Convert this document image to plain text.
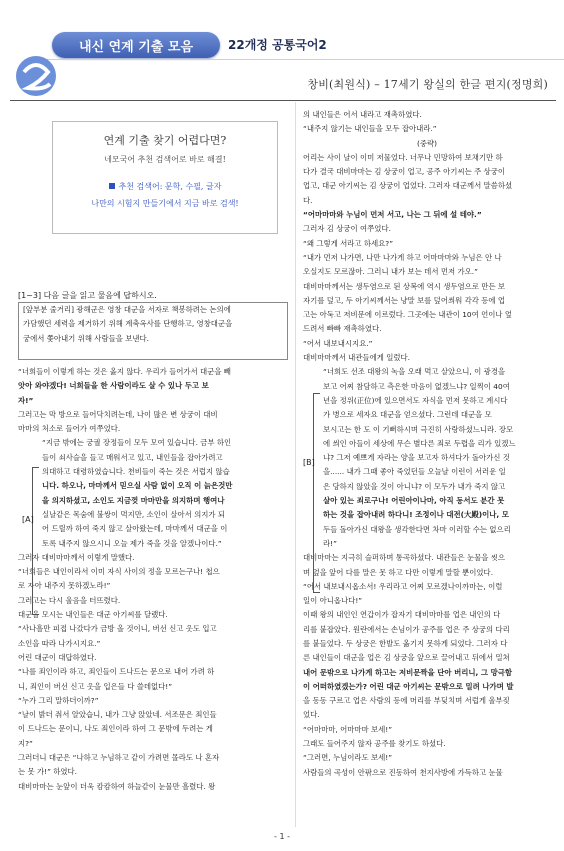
내신 연계 기출 모음	22개정 공통국어2
창비(최원식) – 17세기 왕실의 한글 편지(정명희)
연계 기출 찾기 어렵다면?
네모국어 추천 검색어로 바로 해결!
추천 검색어: 문학, 수필, 글자
나만의 시험지 만들기에서 지금 바로 검색!
[1~3] 다음 글을 읽고 물음에 답하시오.
[앞부분 줄거리] 광해군은 영창 대군을 서자로 책봉하려는 논의에
가담했던 세력을 제거하기 위해 계축옥사를 단행하고, 영창대군을
궁에서 쫓아내기 위해 사람들을 보낸다.
“너희들이 이렇게 하는 것은 옳지 않다. 우리가 들어가서 대군을 빼
앗아 와야겠다! 너희들을 한 사람이라도 살 수 있나 두고 보
자!”
그러고는 막 방으로 들어닥치려는데, 나이 많은 변 상궁이 대비
마마의 처소로 들어가 여쭈었다.
“지금 밖에는 궁궐 장정들이 모두 모여 있습니다. 금부 하인
들이 쇠사슬을 들고 매워서고 있고, 내인들을 잡아가려고
의대하고 대령하였습니다. 천비들이 죽는 것은 서럽지 않습
니다. 하오나, 마마께서 믿으실 사람 없이 오직 이 늙은것만
을 의지하셨고, 소인도 지금껏 마마만을 의지하며 행여나
실날같은 목숨에 불쌍이 먹지만, 소인이 살아서 의지가 되
어 드릴까 하여 죽지 않고 살아왔는데, 마마께서 대군을 이
토록 내주지 않으시니 오늘 제가 죽을 것을 알겠나이다.”
그러자 대비마마께서 이렇게 말했다.
“너희들은 내인이라서 이미 자식 사이의 정을 모르는구나! 첩으
로 자아 내주지 못하겠노라!”
그러고는 다시 울음을 터뜨렸다.
대군을 모시는 내인들은 대군 아기씨를 달랬다.
“사나흘만 피접 나갔다가 금방 올 것이니, 버선 신고 옷도 입고
소인을 따라 나가시지요.”
어린 대군이 대답하였다.
“나를 죄인이라 하고, 죄인들이 드나드는 문으로 내어 가려 하
니, 죄인이 버선 신고 옷을 입은들 다 쓸데없다!”
“누가 그리 말하더이까?”
“날이 밝더 줘서 알았습니, 내가 그냥 앉았네. 서조문은 죄인들
이 드나드는 문이니, 나도 죄인이라 하여 그 문밖에 두려는 게
지?”
그러더니 대군은 “나하고 누님하고 같이 가려면 몰라도 나 혼자
는 못 가!” 하였다.
대비마마는 눈앞이 더욱 캄캄하여 하늘같이 눈물만 흘렸다. 왕
[A]
의 내인들은 어서 내라고 재촉하였다.
“내주지 않기는 내인들을 모두 잡아내라.”
(중략)
어리는 사이 날이 이미 저물었다. 너무나 민망하여 보채기만 하
다가 결국 대비마마는 김 상궁이 업고, 공주 아기씨는 주 상궁이
업고, 대군 아기씨는 김 상궁이 업었다. 그러자 대군께서 말씀하셨
다.
“어마마마와 누님이 먼저 서고, 나는 그 뒤에 설 테야.”
그러자 김 상궁이 여쭈었다.
“왜 그렇게 서라고 하세요?”
“내가 먼저 나가면, 나만 나가게 하고 어마마마와 누님은 안 나
오실지도 모르잖아. 그러니 내가 보는 데서 먼저 가오.”
대비마마께서는 생두염으로 된 상복에 역시 생두염으로 만든 보
자기를 덮고, 두 아기씨께서는 냥말 보를 덮어씌워 각각 등에 업
고는 아둑고 저비문에 이르렀다. 그곳에는 내관이 10여 언이나 엎
드려서 빠빠 재촉하였다.
“어서 내보내시지요.”
대비마마께서 내관들에게 일렀다.
“너희도 선조 대왕의 녹을 오래 먹고 살았으니, 이 광경을
보고 어찌 참담하고 측은한 마음이 없겠느냐? 일찍이 40여
년을 정위(正位)에 있으면서도 자식을 먼저 못하고 계시다
가 병으로 세자요 대군을 얻으셨다. 그런데 대군을 모
보시고는 한 도 이 기뻐하시며 극진히 사랑하셨느니라. 장모
에 씌인 아들이 세상에 무슨 별다른 죄로 두렵을 리가 있겠느
냐? 그저 예쁘게 자라는 양을 보고자 하셔다가 돌아가신 것
을...... 내가 그때 좋아 죽었던들 오늘날 이런이 서러운 일
은 당하지 않았을 것이 아니냐? 이 모두가 내가 죽지 않고
살아 있는 죄로구나! 어린아이나마, 아직 동서도 분간 못
하는 것을 잡아내려 하다니! 조정이나 대전(大殿)이나, 모
두들 돌아가신 대왕을 생각한다면 차마 이러할 수는 없으리
라!”
대비마마는 지극히 슬퍼하며 통곡하셨다. 내관들은 눈물을 씻으
며 엎을 앞어 다를 말은 못 하고 다만 이렇게 말할 뿐이었다.
“어서 내보내시옵소서! 우리라고 어찌 모르겠나이까마는, 이럴
일이 아니옵나다!”
이때 왕의 내인인 연갑이가 잡자기 대비마마를 업은 내인의 다
리를 붙잡았다. 원란에서는 손님이가 공주를 업은 주 상궁의 다리
를 붙들었다. 두 상궁은 한발도 옮기지 못하게 되었다. 그러자 다
른 내인들이 대군을 업은 김 상궁을 앞으로 끌어내고 뒤에서 밀쳐
내어 문밖으로 나가게 하고는 저비문짝을 단아 버리니, 그 망극함
이 어떠하였겠는가? 어린 대군 아기씨는 문밖으로 밀려 나가며 발
을 동동 구르고 업은 사람의 등에 머리를 부딪치며 서럽게 울부짖
었다.
“어마마마, 어마마마 보세!”
그래도 들어주지 않자 공주를 찾기도 하셨다.
“그러면, 누님이라도 보세!”
사람들의 곡성이 안팎으로 진동하여 천지사방에 가득하고 눈물
[B]
- 1 -
